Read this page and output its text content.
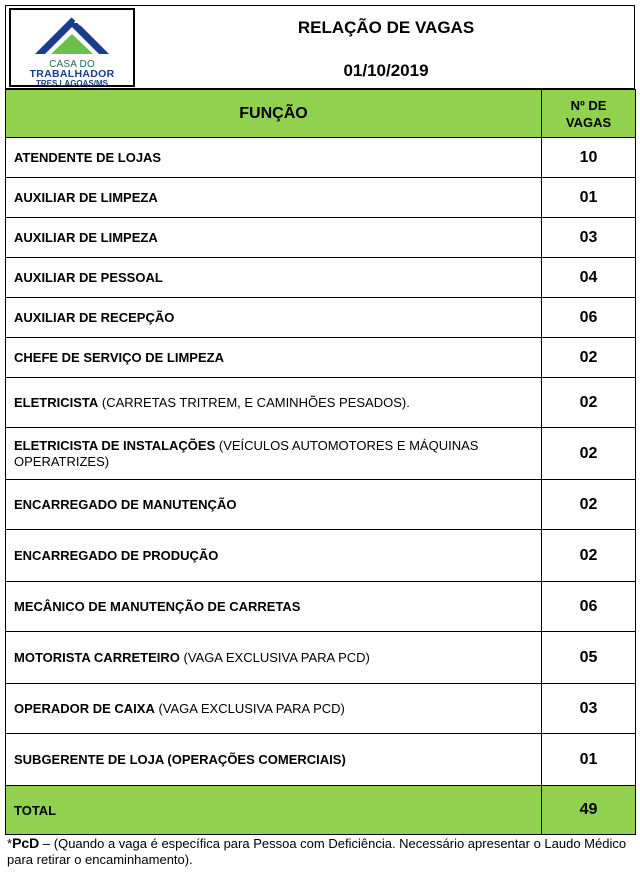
CASA DO
TRABALHADOR
TRES LAGOAS/MS
RELAÇÃO DE VAGAS
01/10/2019
FUNÇÃO	Nº DE
VAGAS
ATENDENTE DE LOJAS	10
AUXILIAR DE LIMPEZA	01
AUXILIAR DE LIMPEZA	03
AUXILIAR DE PESSOAL	04
AUXILIAR DE RECEPÇÃO	06
CHEFE DE SERVIÇO DE LIMPEZA	02
ELETRICISTA (CARRETAS TRITREM, E CAMINHÕES PESADOS).	02
ELETRICISTA DE INSTALAÇÕES (VEÍCULOS AUTOMOTORES E MÁQUINAS OPERATRIZES)	02
ENCARREGADO DE MANUTENÇÃO	02
ENCARREGADO DE PRODUÇÃO	02
MECÂNICO DE MANUTENÇÃO DE CARRETAS	06
MOTORISTA CARRETEIRO (VAGA EXCLUSIVA PARA PCD)	05
OPERADOR DE CAIXA (VAGA EXCLUSIVA PARA PCD)	03
SUBGERENTE DE LOJA (OPERAÇÕES COMERCIAIS)	01
TOTAL	49
*PcD – (Quando a vaga é específica para Pessoa com Deficiência. Necessário apresentar o Laudo Médico para retirar o encaminhamento).
